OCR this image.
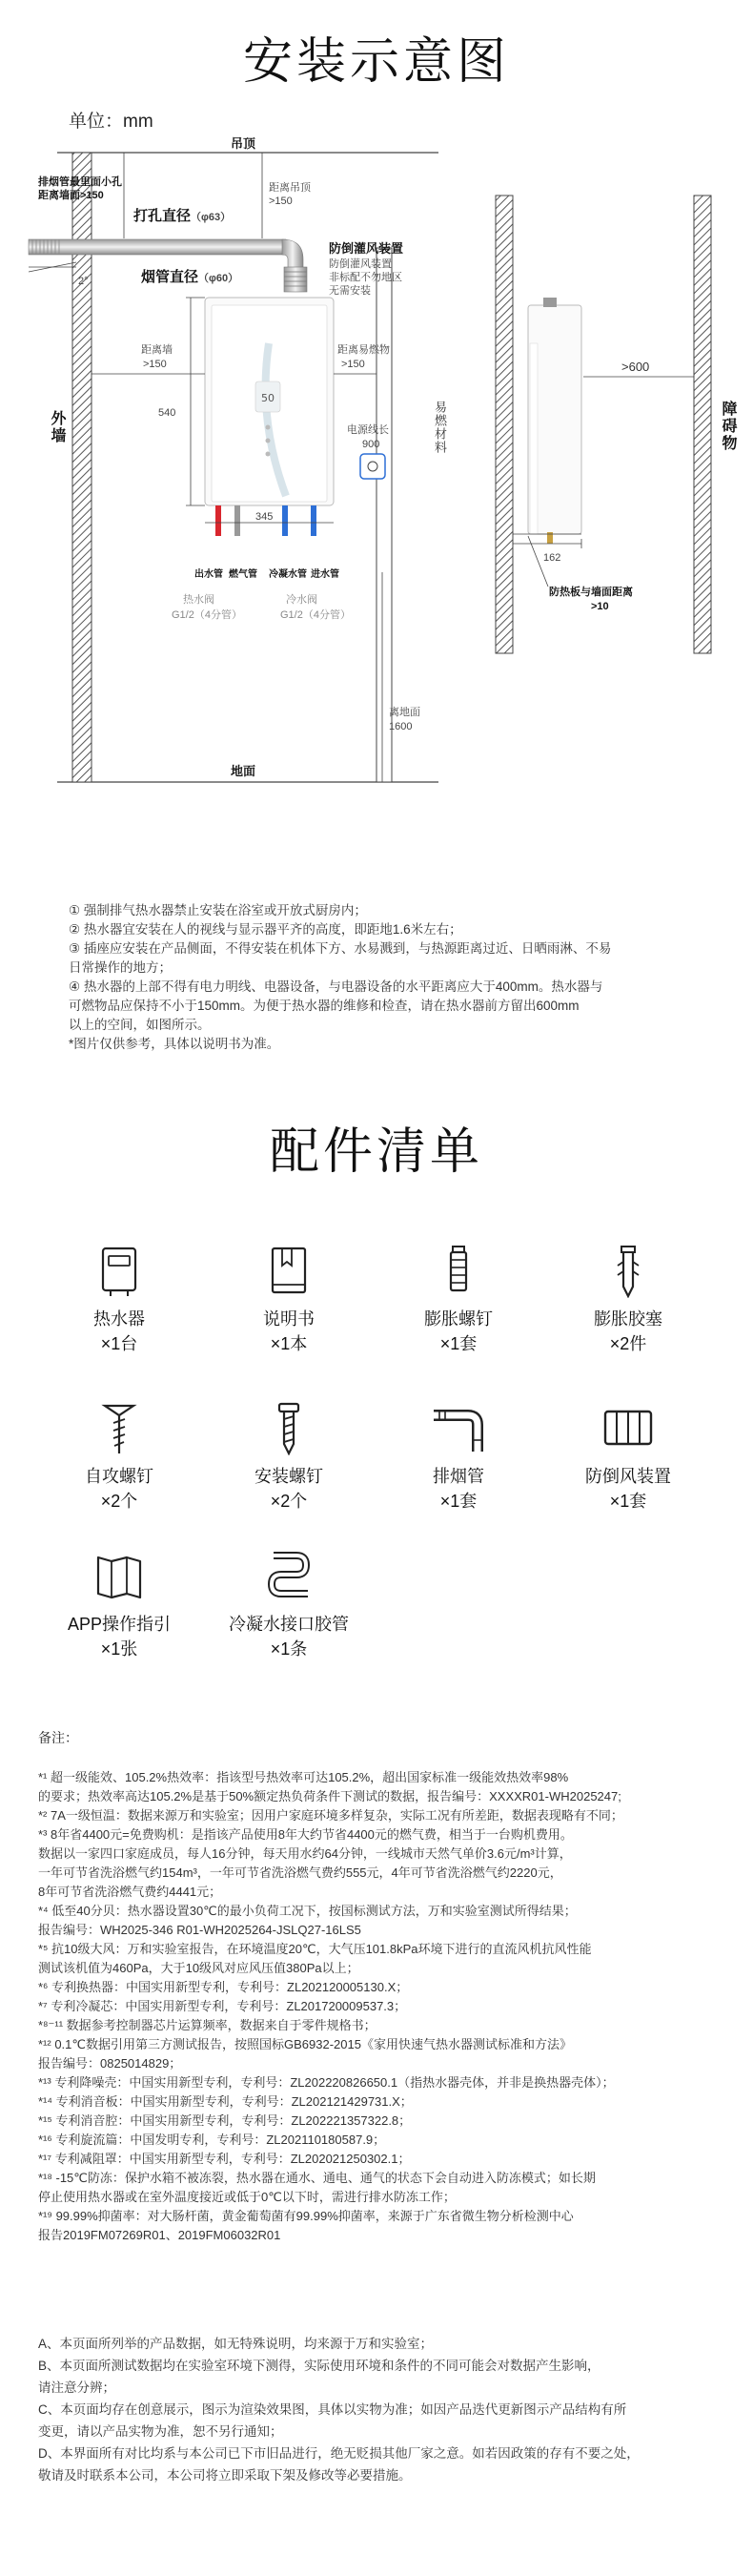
安装示意图
单位：mm
50
吊顶
地面
排烟管最里面小孔
距离墙面>150
距离吊顶
>150
打孔直径（φ63）
烟管直径（φ60）
2°
防倒灌风装置
防倒灌风装置
非标配不勿地区
无需安装
距离墙
>150
距离易燃物
>150
易燃材料
外墙	电源线长
900
540
345
出水管 燃气管 冷凝水管 进水管
热水阀
G1/2（4分管）
冷水阀
G1/2（4分管）
离地面
1600
障碍物
>600
162
防热板与墙面距离
>10

① 强制排气热水器禁止安装在浴室或开放式厨房内；

② 热水器宜安装在人的视线与显示器平齐的高度，即距地1.6米左右；

③ 插座应安装在产品侧面，不得安装在机体下方、水易溅到，与热源距离过近、日晒雨淋、不易

日常操作的地方；

④ 热水器的上部不得有电力明线、电器设备，与电器设备的水平距离应大于400mm。热水器与

可燃物品应保持不小于150mm。为便于热水器的维修和检查，请在热水器前方留出600mm

以上的空间，如图所示。

*图片仅供参考，具体以说明书为准。

配件清单
热水器
×1台
说明书
×1本
膨胀螺钉
×1套
膨胀胶塞
×2件
自攻螺钉
×2个
安装螺钉
×2个
排烟管
×1套
防倒风装置
×1套
APP操作指引
×1张
冷凝水接口胶管
×1条

备注：

*¹ 超一级能效、105.2%热效率：指该型号热效率可达105.2%，超出国家标准一级能效热效率98%

的要求；热效率高达105.2%是基于50%额定热负荷条件下测试的数据，报告编号：XXXXR01-WH2025247;

*² 7A一级恒温：数据来源万和实验室；因用户家庭环境多样复杂，实际工况有所差距，数据表现略有不同；

*³ 8年省4400元=免费购机：是指该产品使用8年大约节省4400元的燃气费，相当于一台购机费用。

数据以一家四口家庭成员，每人16分钟，每天用水约64分钟，一线城市天然气单价3.6元/m³计算，

一年可节省洗浴燃气约154m³，一年可节省洗浴燃气费约555元，4年可节省洗浴燃气约2220元，

8年可节省洗浴燃气费约4441元；

*⁴ 低至40分贝：热水器设置30℃的最小负荷工况下，按国标测试方法，万和实验室测试所得结果；

报告编号：WH2025-346 R01-WH2025264-JSLQ27-16LS5

*⁵ 抗10级大风：万和实验室报告，在环境温度20℃，大气压101.8kPa环境下进行的直流风机抗风性能

测试该机值为460Pa，大于10级风对应风压值380Pa以上；

*⁶ 专利换热器：中国实用新型专利，专利号：ZL202120005130.X；

*⁷ 专利冷凝芯：中国实用新型专利，专利号：ZL201720009537.3；

*⁸⁻¹¹ 数据参考控制器芯片运算频率，数据来自于零件规格书；

*¹² 0.1℃数据引用第三方测试报告，按照国标GB6932-2015《家用快速气热水器测试标准和方法》

报告编号：0825014829；

*¹³ 专利降噪壳：中国实用新型专利，专利号：ZL202220826650.1（指热水器壳体，并非是换热器壳体）；

*¹⁴ 专利消音板：中国实用新型专利，专利号：ZL202121429731.X；

*¹⁵ 专利消音腔：中国实用新型专利，专利号：ZL202221357322.8；

*¹⁶ 专利旋流篇：中国发明专利，专利号：ZL202110180587.9；

*¹⁷ 专利减阻罩：中国实用新型专利，专利号：ZL202021250302.1；

*¹⁸ -15℃防冻：保护水箱不被冻裂，热水器在通水、通电、通气的状态下会自动进入防冻模式；如长期

停止使用热水器或在室外温度接近或低于0℃以下时，需进行排水防冻工作；

*¹⁹ 99.99%抑菌率：对大肠杆菌，黄金葡萄菌有99.99%抑菌率，来源于广东省微生物分析检测中心

报告2019FM07269R01、2019FM06032R01

A、本页面所列举的产品数据，如无特殊说明，均来源于万和实验室；

B、本页面所测试数据均在实验室环境下测得，实际使用环境和条件的不同可能会对数据产生影响，

请注意分辨；

C、本页面均存在创意展示，图示为渲染效果图，具体以实物为准；如因产品迭代更新图示产品结构有所

变更，请以产品实物为准，恕不另行通知；

D、本界面所有对比均系与本公司已下市旧品进行，绝无贬损其他厂家之意。如若因政策的存有不要之处，

敬请及时联系本公司，本公司将立即采取下架及修改等必要措施。
